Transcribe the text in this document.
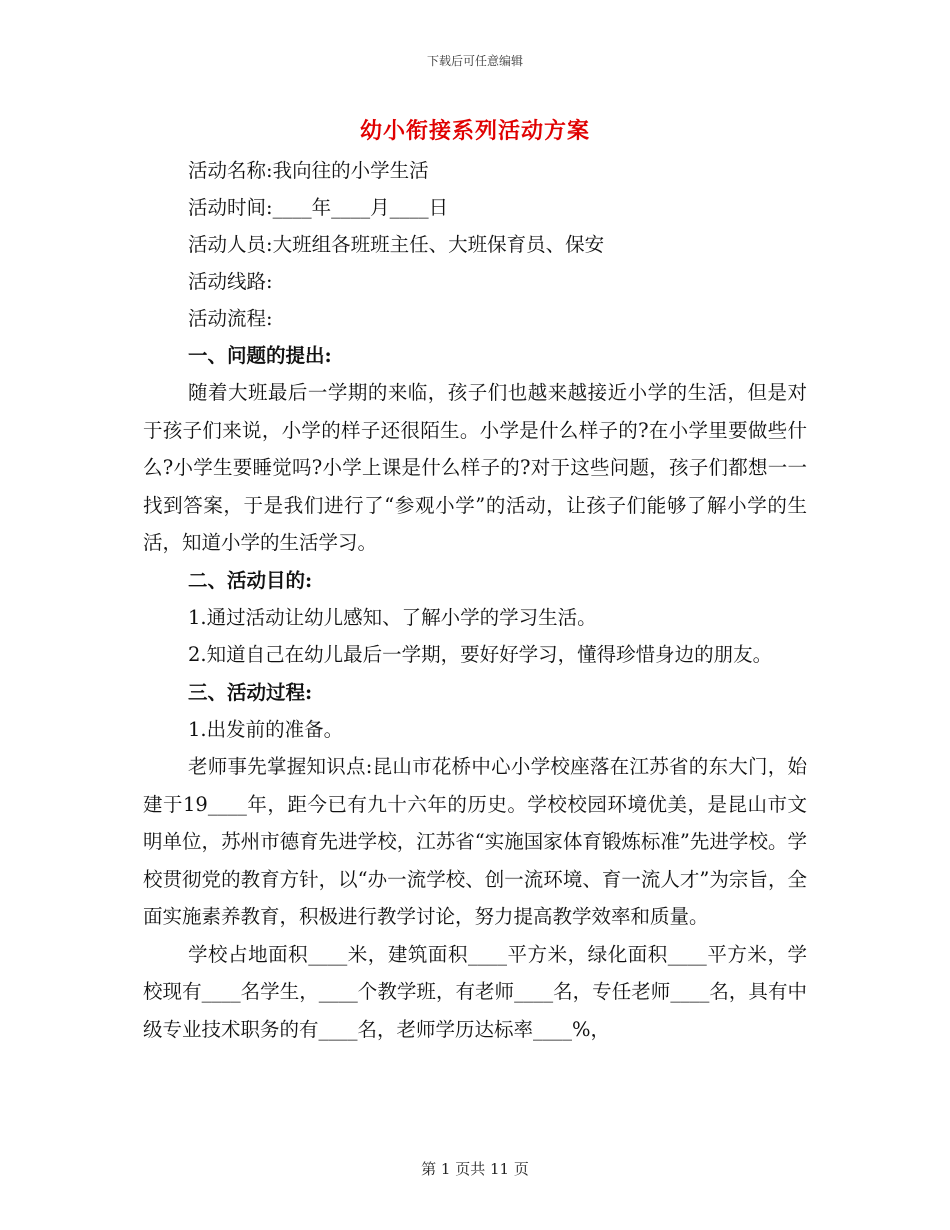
下载后可任意编辑
幼小衔接系列活动方案
活动名称:我向往的小学生活
活动时间:____年____月____日
活动人员:大班组各班班主任、大班保育员、保安
活动线路:
活动流程:
一、问题的提出:
随着大班最后一学期的来临，孩子们也越来越接近小学的生活，但是对于孩子们来说，小学的样子还很陌生。小学是什么样子的?在小学里要做些什么?小学生要睡觉吗?小学上课是什么样子的?对于这些问题，孩子们都想一一找到答案，于是我们进行了“参观小学”的活动，让孩子们能够了解小学的生活，知道小学的生活学习。
二、活动目的:
1.通过活动让幼儿感知、了解小学的学习生活。
2.知道自己在幼儿最后一学期，要好好学习，懂得珍惜身边的朋友。
三、活动过程:
1.出发前的准备。
老师事先掌握知识点:昆山市花桥中心小学校座落在江苏省的东大门，始建于19____年，距今已有九十六年的历史。学校校园环境优美，是昆山市文明单位，苏州市德育先进学校，江苏省“实施国家体育锻炼标准”先进学校。学校贯彻党的教育方针，以“办一流学校、创一流环境、育一流人才”为宗旨，全面实施素养教育，积极进行教学讨论，努力提高教学效率和质量。
学校占地面积____米，建筑面积____平方米，绿化面积____平方米，学校现有____名学生，____个教学班，有老师____名，专任老师____名，具有中级专业技术职务的有____名，老师学历达标率____%，
第 1 页共 11 页
